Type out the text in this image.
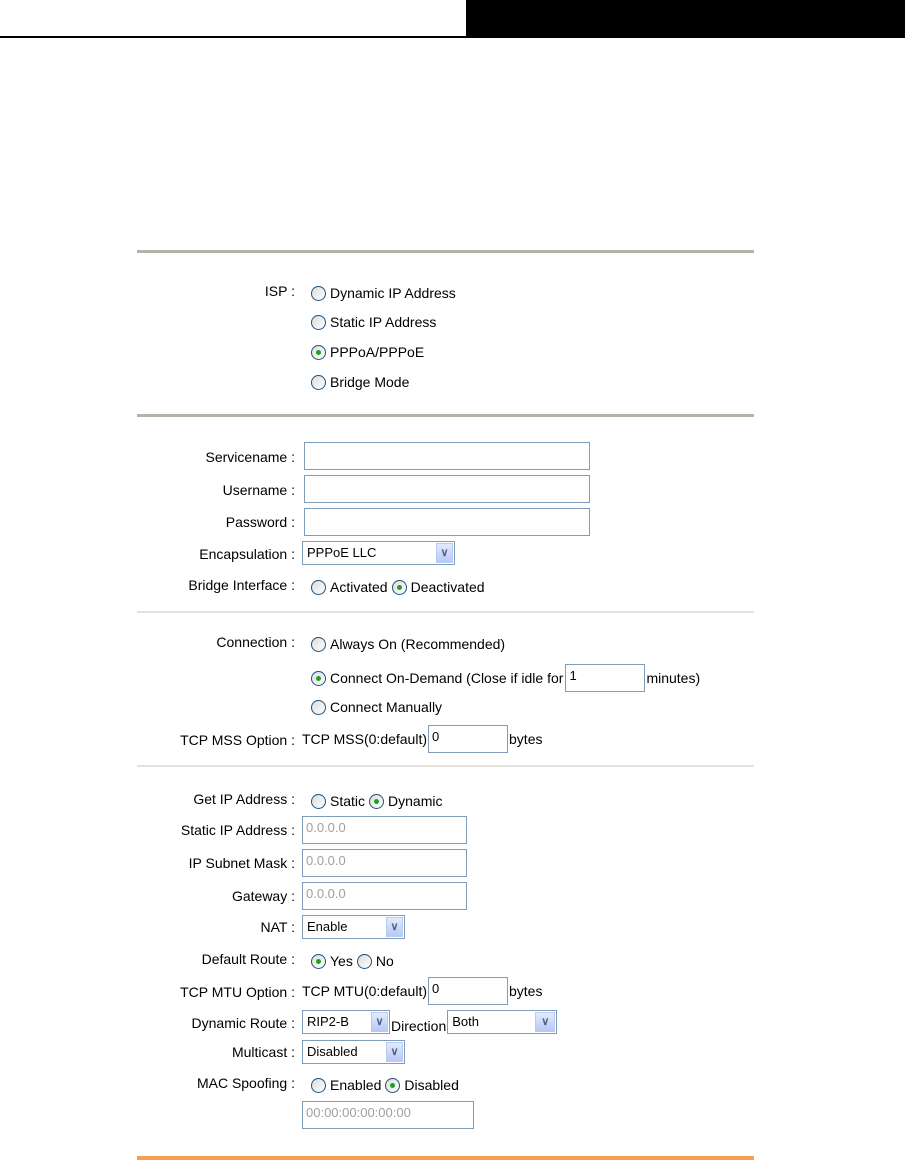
ISP :	Dynamic IP Address
Static IP Address
PPPoA/PPPoE
Bridge Mode
Servicename :
Username :
Password :
Encapsulation : PPPoE LLC	∨
Bridge Interface :	Activated Deactivated
Connection :	Always On (Recommended)
Connect On-Demand (Close if idle for 1	minutes)
Connect Manually
TCP MSS Option : TCP MSS(0:default) 0	bytes
Get IP Address :	Static Dynamic
Static IP Address : 0.0.0.0
IP Subnet Mask : 0.0.0.0
Gateway : 0.0.0.0
NAT : Enable	∨
Default Route :	Yes No
TCP MTU Option : TCP MTU(0:default) 0	bytes
Dynamic Route : RIP2-B	∨ Direction Both	∨
Multicast : Disabled	∨
MAC Spoofing :	Enabled Disabled
00:00:00:00:00:00
